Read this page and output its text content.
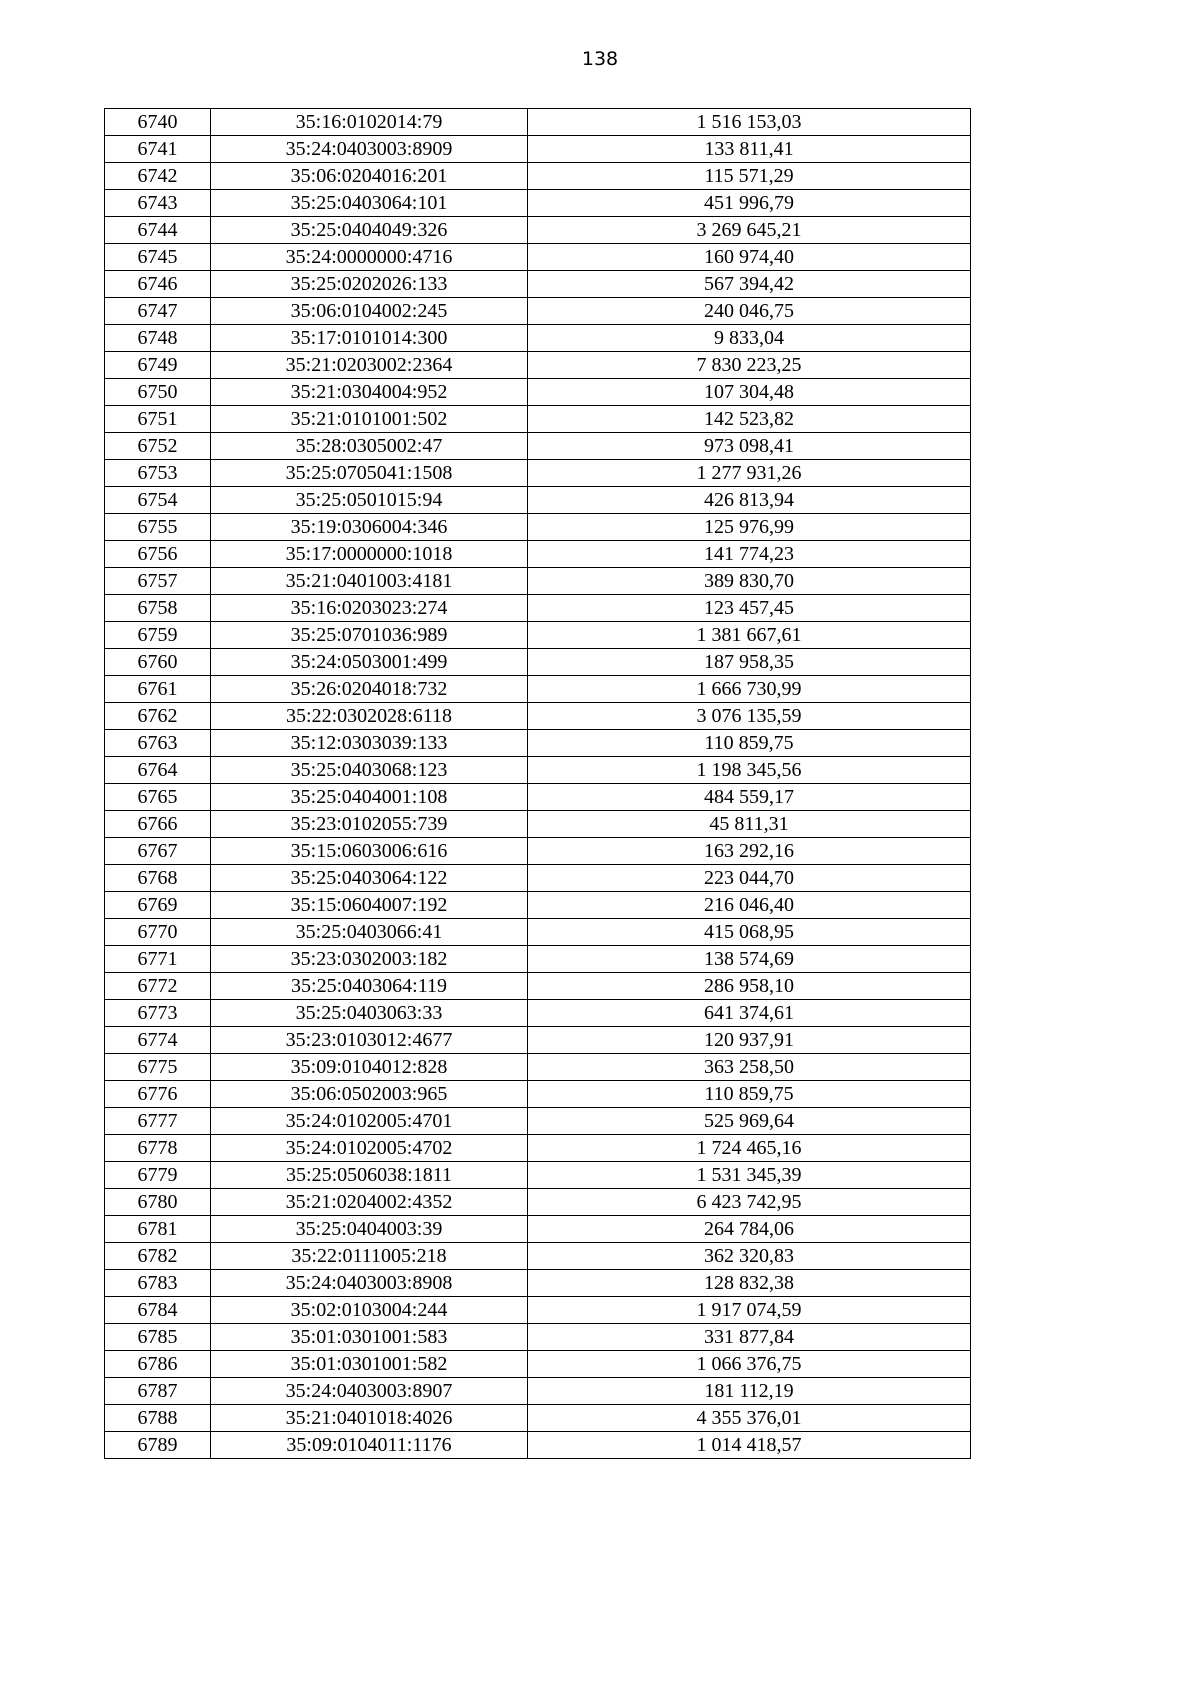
138
6740	35:16:0102014:79	1 516 153,03
6741	35:24:0403003:8909	133 811,41
6742	35:06:0204016:201	115 571,29
6743	35:25:0403064:101	451 996,79
6744	35:25:0404049:326	3 269 645,21
6745	35:24:0000000:4716	160 974,40
6746	35:25:0202026:133	567 394,42
6747	35:06:0104002:245	240 046,75
6748	35:17:0101014:300	9 833,04
6749	35:21:0203002:2364	7 830 223,25
6750	35:21:0304004:952	107 304,48
6751	35:21:0101001:502	142 523,82
6752	35:28:0305002:47	973 098,41
6753	35:25:0705041:1508	1 277 931,26
6754	35:25:0501015:94	426 813,94
6755	35:19:0306004:346	125 976,99
6756	35:17:0000000:1018	141 774,23
6757	35:21:0401003:4181	389 830,70
6758	35:16:0203023:274	123 457,45
6759	35:25:0701036:989	1 381 667,61
6760	35:24:0503001:499	187 958,35
6761	35:26:0204018:732	1 666 730,99
6762	35:22:0302028:6118	3 076 135,59
6763	35:12:0303039:133	110 859,75
6764	35:25:0403068:123	1 198 345,56
6765	35:25:0404001:108	484 559,17
6766	35:23:0102055:739	45 811,31
6767	35:15:0603006:616	163 292,16
6768	35:25:0403064:122	223 044,70
6769	35:15:0604007:192	216 046,40
6770	35:25:0403066:41	415 068,95
6771	35:23:0302003:182	138 574,69
6772	35:25:0403064:119	286 958,10
6773	35:25:0403063:33	641 374,61
6774	35:23:0103012:4677	120 937,91
6775	35:09:0104012:828	363 258,50
6776	35:06:0502003:965	110 859,75
6777	35:24:0102005:4701	525 969,64
6778	35:24:0102005:4702	1 724 465,16
6779	35:25:0506038:1811	1 531 345,39
6780	35:21:0204002:4352	6 423 742,95
6781	35:25:0404003:39	264 784,06
6782	35:22:0111005:218	362 320,83
6783	35:24:0403003:8908	128 832,38
6784	35:02:0103004:244	1 917 074,59
6785	35:01:0301001:583	331 877,84
6786	35:01:0301001:582	1 066 376,75
6787	35:24:0403003:8907	181 112,19
6788	35:21:0401018:4026	4 355 376,01
6789	35:09:0104011:1176	1 014 418,57
